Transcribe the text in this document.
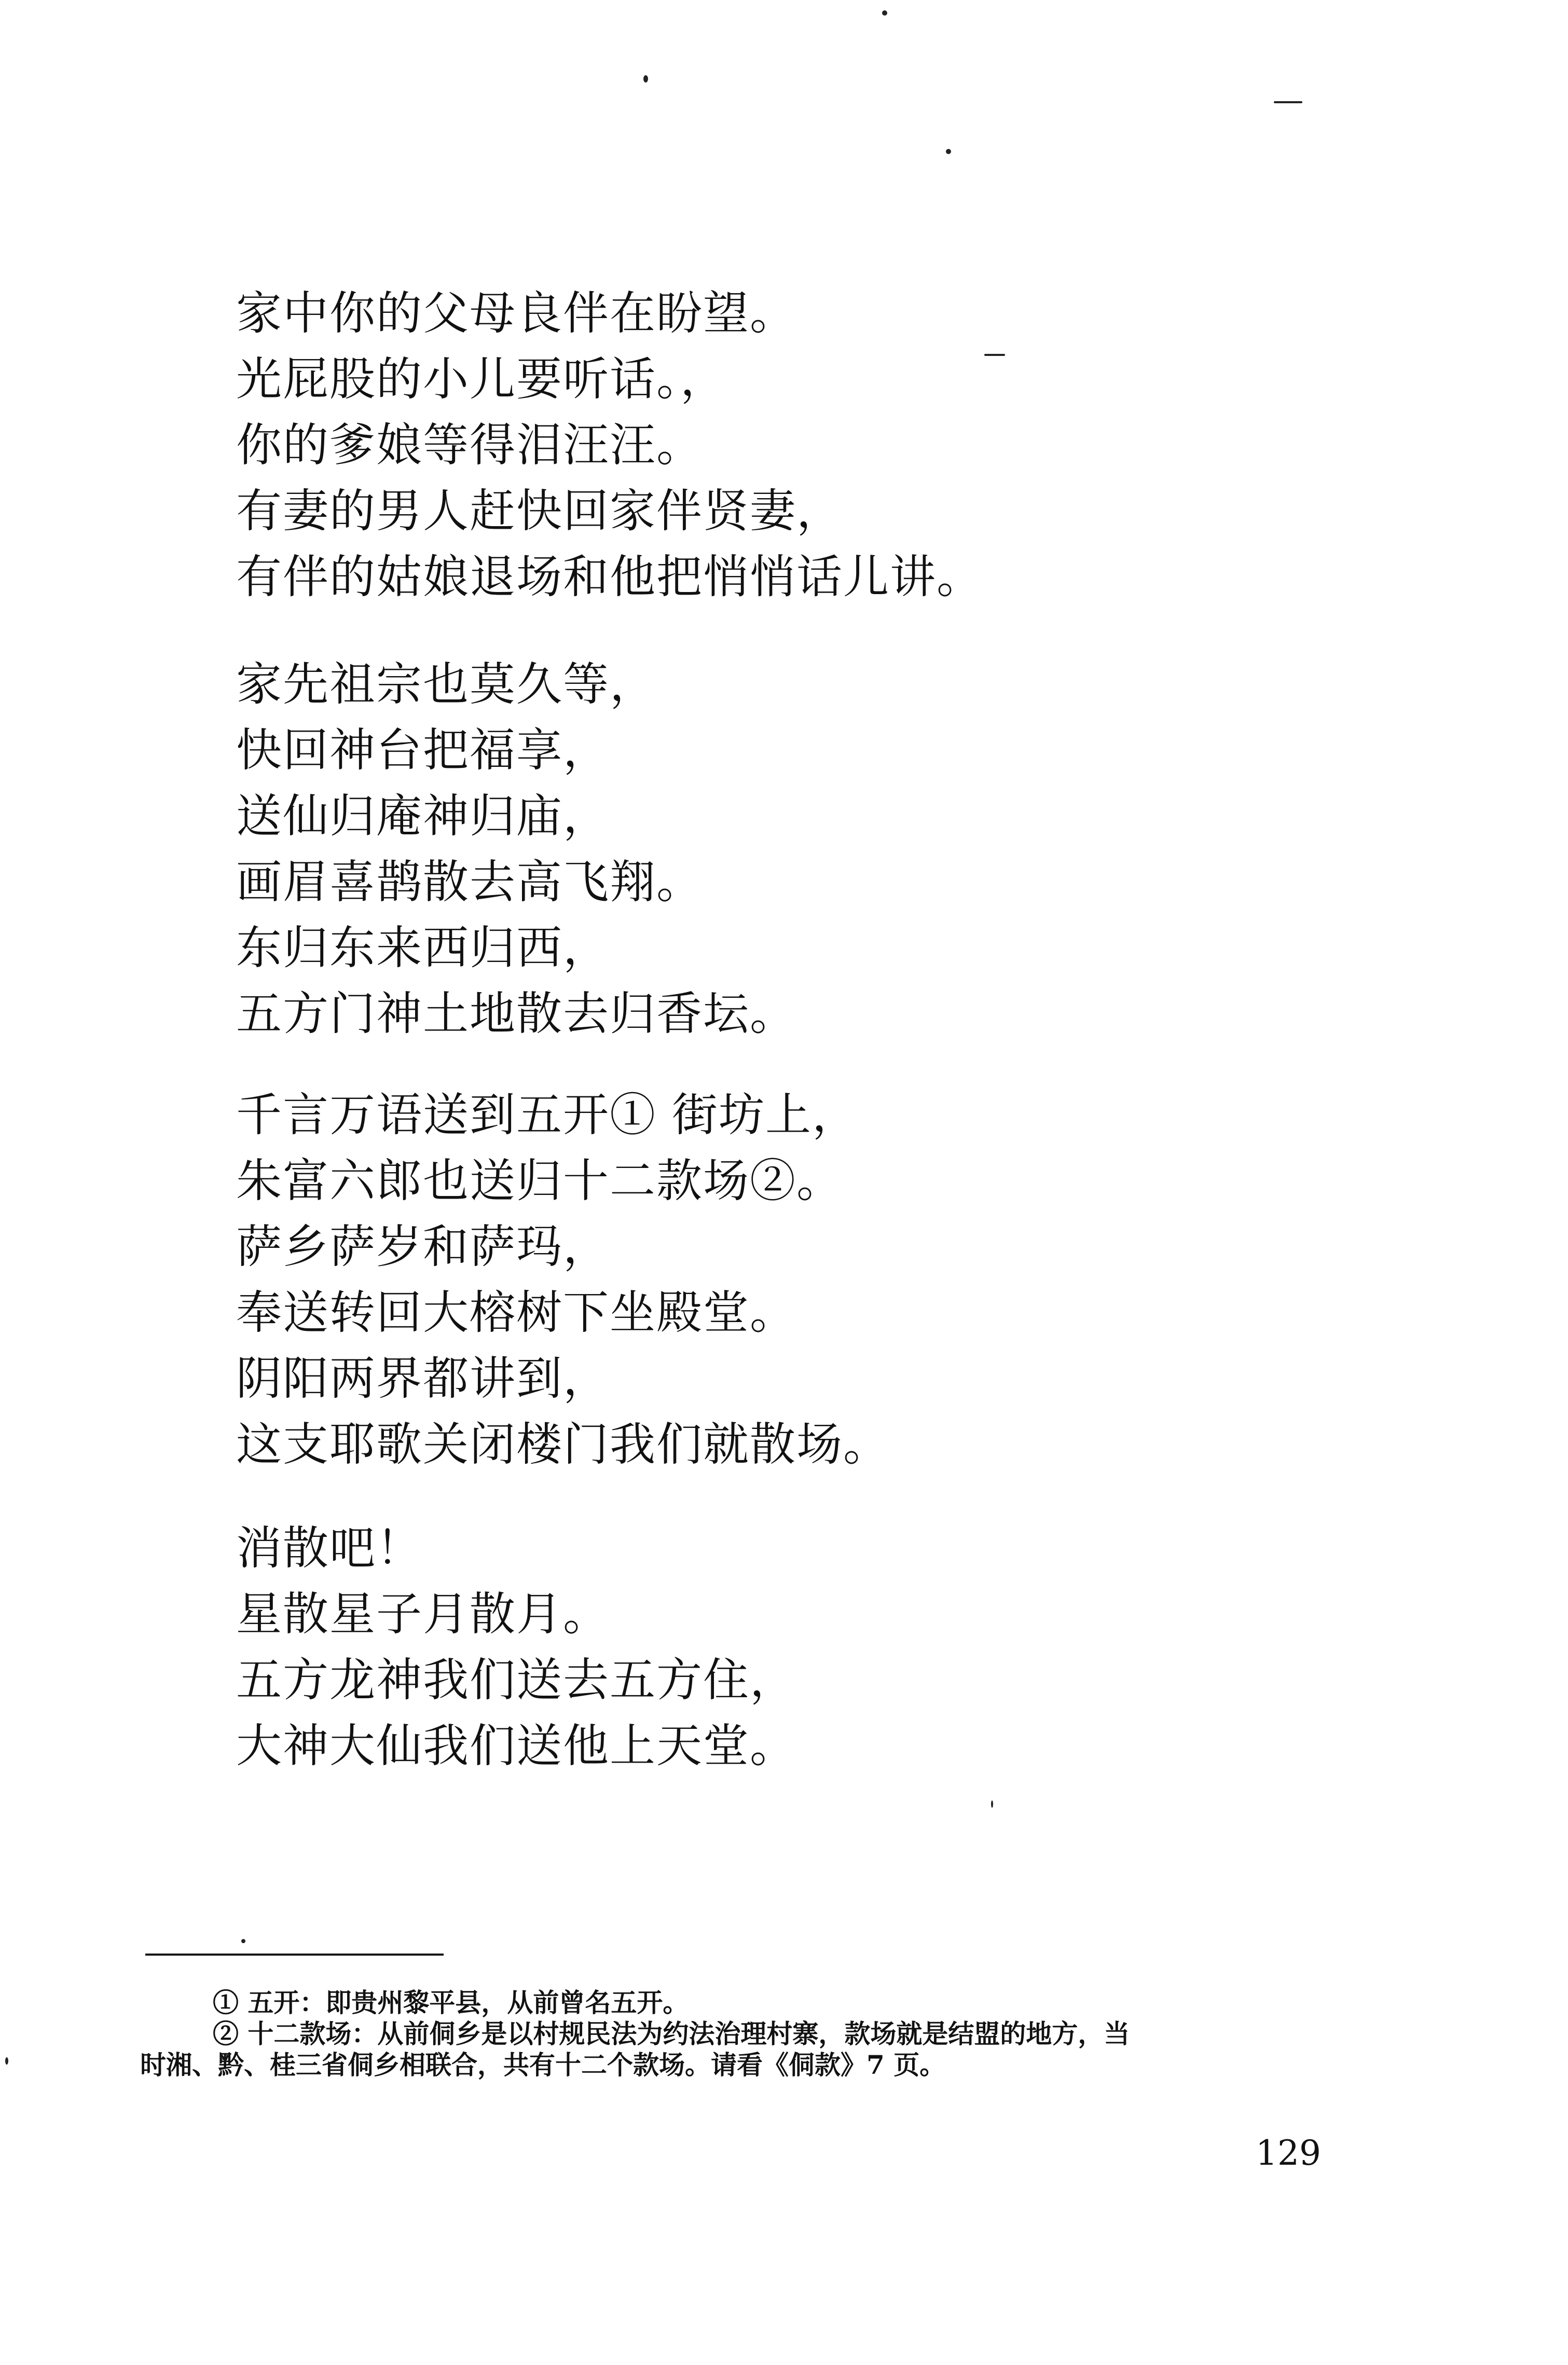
家中你的父母良伴在盼望。
光屁股的小儿要听话。，
你的爹娘等得泪汪汪。
有妻的男人赶快回家伴贤妻，
有伴的姑娘退场和他把悄悄话儿讲。
家先祖宗也莫久等，
快回神台把福享，
送仙归庵神归庙，
画眉喜鹊散去高飞翔。
东归东来西归西，
五方门神土地散去归香坛。
千言万语送到五开① 街坊上，
朱富六郎也送归十二款场②。
萨乡萨岁和萨玛，
奉送转回大榕树下坐殿堂。
阴阳两界都讲到，
这支耶歌关闭楼门我们就散场。
消散吧！
星散星子月散月。
五方龙神我们送去五方住，
大神大仙我们送他上天堂。
① 五开：即贵州黎平县，从前曾名五开。
② 十二款场：从前侗乡是以村规民法为约法治理村寨，款场就是结盟的地方，当
时湘、黔、桂三省侗乡相联合，共有十二个款场。请看《侗款》7 页。
129
